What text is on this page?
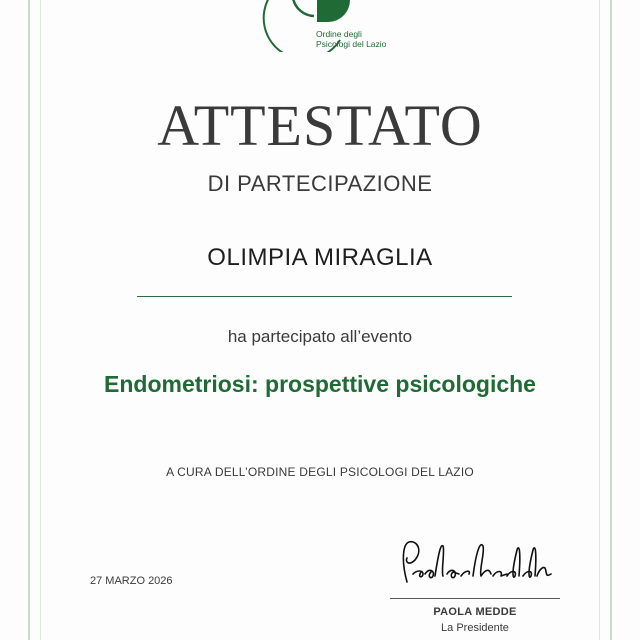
Ordine degli
Psicologi del Lazio
ATTESTATO
DI PARTECIPAZIONE
OLIMPIA MIRAGLIA
ha partecipato all’evento
Endometriosi: prospettive psicologiche
A CURA DELL’ORDINE DEGLI PSICOLOGI DEL LAZIO
27 MARZO 2026
PAOLA MEDDE
La Presidente
